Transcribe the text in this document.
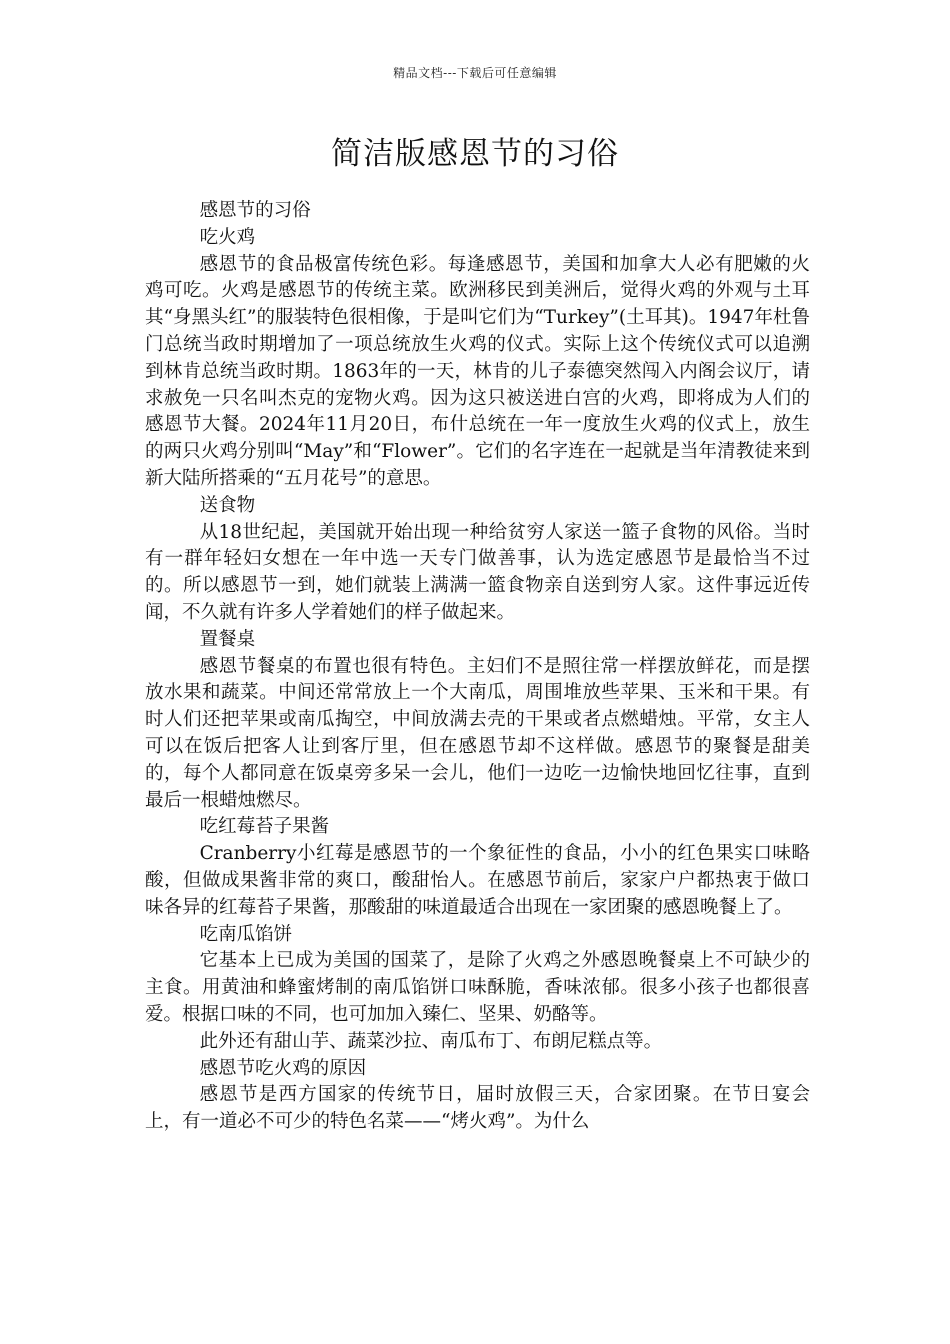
精品文档---下载后可任意编辑
简洁版感恩节的习俗

感恩节的习俗

吃火鸡

感恩节的食品极富传统色彩。每逢感恩节，美国和加拿大人必有肥嫩的火鸡可吃。火鸡是感恩节的传统主菜。欧洲移民到美洲后，觉得火鸡的外观与土耳其“身黑头红”的服装特色很相像，于是叫它们为“Turkey”(土耳其)。1947年杜鲁门总统当政时期增加了一项总统放生火鸡的仪式。实际上这个传统仪式可以追溯到林肯总统当政时期。1863年的一天，林肯的儿子泰德突然闯入内阁会议厅，请求赦免一只名叫杰克的宠物火鸡。因为这只被送进白宫的火鸡，即将成为人们的感恩节大餐。2024年11月20日，布什总统在一年一度放生火鸡的仪式上，放生的两只火鸡分别叫“May”和“Flower”。它们的名字连在一起就是当年清教徒来到新大陆所搭乘的“五月花号”的意思。

送食物

从18世纪起，美国就开始出现一种给贫穷人家送一篮子食物的风俗。当时有一群年轻妇女想在一年中选一天专门做善事，认为选定感恩节是最恰当不过的。所以感恩节一到，她们就装上满满一篮食物亲自送到穷人家。这件事远近传闻，不久就有许多人学着她们的样子做起来。

置餐桌

感恩节餐桌的布置也很有特色。主妇们不是照往常一样摆放鲜花，而是摆放水果和蔬菜。中间还常常放上一个大南瓜，周围堆放些苹果、玉米和干果。有时人们还把苹果或南瓜掏空，中间放满去壳的干果或者点燃蜡烛。平常，女主人可以在饭后把客人让到客厅里，但在感恩节却不这样做。感恩节的聚餐是甜美的，每个人都同意在饭桌旁多呆一会儿，他们一边吃一边愉快地回忆往事，直到最后一根蜡烛燃尽。

吃红莓苔子果酱

Cranberry小红莓是感恩节的一个象征性的食品，小小的红色果实口味略酸，但做成果酱非常的爽口，酸甜怡人。在感恩节前后，家家户户都热衷于做口味各异的红莓苔子果酱，那酸甜的味道最适合出现在一家团聚的感恩晚餐上了。

吃南瓜馅饼

它基本上已成为美国的国菜了，是除了火鸡之外感恩晚餐桌上不可缺少的主食。用黄油和蜂蜜烤制的南瓜馅饼口味酥脆，香味浓郁。很多小孩子也都很喜爱。根据口味的不同，也可加加入臻仁、坚果、奶酪等。

此外还有甜山芋、蔬菜沙拉、南瓜布丁、布朗尼糕点等。

感恩节吃火鸡的原因

感恩节是西方国家的传统节日，届时放假三天，合家团聚。在节日宴会上，有一道必不可少的特色名菜——“烤火鸡”。为什么
